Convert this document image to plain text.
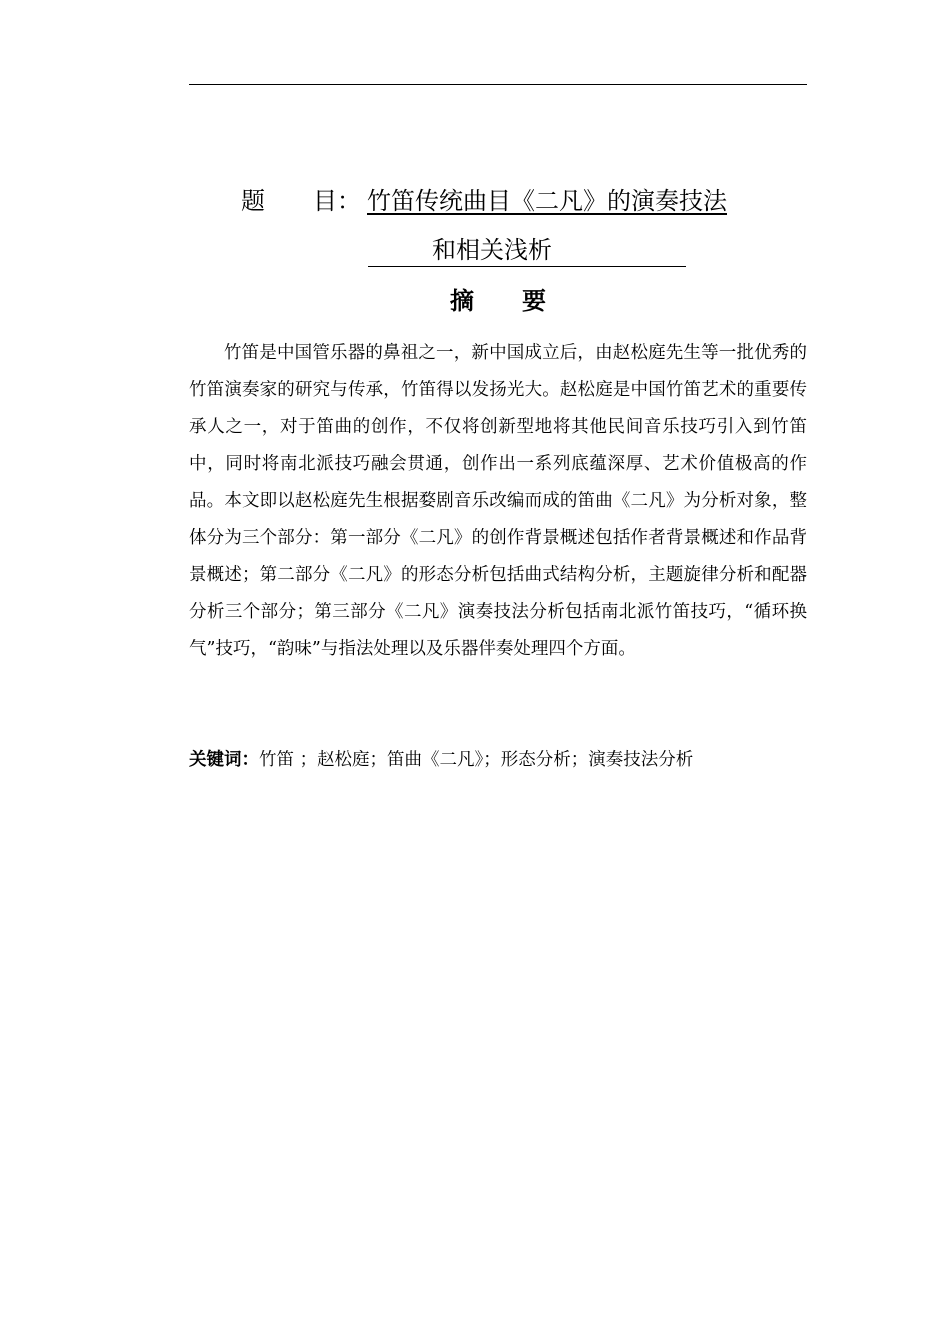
题　　目： 竹笛传统曲目《二凡》的演奏技法
和相关浅析
摘要

竹笛是中国管乐器的鼻祖之一，新中国成立后，由赵松庭先生等一批优秀的竹笛演奏家的研究与传承，竹笛得以发扬光大。赵松庭是中国竹笛艺术的重要传承人之一，对于笛曲的创作，不仅将创新型地将其他民间音乐技巧引入到竹笛中，同时将南北派技巧融会贯通，创作出一系列底蕴深厚、艺术价值极高的作品。本文即以赵松庭先生根据婺剧音乐改编而成的笛曲《二凡》为分析对象，整体分为三个部分：第一部分《二凡》的创作背景概述包括作者背景概述和作品背景概述；第二部分《二凡》的形态分析包括曲式结构分析，主题旋律分析和配器分析三个部分；第三部分《二凡》演奏技法分析包括南北派竹笛技巧，“循环换气”技巧，“韵味”与指法处理以及乐器伴奏处理四个方面。

关键词：竹笛 ；赵松庭；笛曲《二凡》；形态分析；演奏技法分析
